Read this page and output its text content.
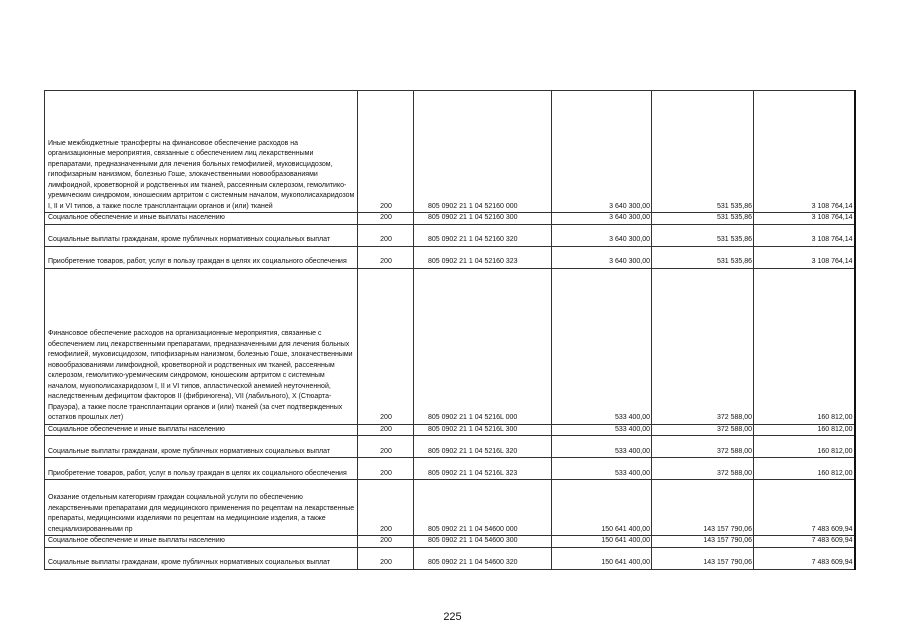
Иные межбюджетные трансферты на финансовое обеспечение расходов на организационные мероприятия, связанные с обеспечением лиц лекарственными препаратами, предназначенными для лечения больных гемофилией, муковисцидозом, гипофизарным нанизмом, болезнью Гоше, злокачественными новообразованиями лимфоидной, кроветворной и родственных им тканей, рассеянным склерозом, гемолитико-уремическим синдромом, юношеским артритом с системным началом, мукополисахаридозом I, II и VI типов, а также после трансплантации органов и (или) тканей	200	805 0902 21 1 04 52160 000	3 640 300,00	531 535,86	3 108 764,14
Социальное обеспечение и иные выплаты населению	200	805 0902 21 1 04 52160 300	3 640 300,00	531 535,86	3 108 764,14
Социальные выплаты гражданам, кроме публичных нормативных социальных выплат	200	805 0902 21 1 04 52160 320	3 640 300,00	531 535,86	3 108 764,14
Приобретение товаров, работ, услуг в пользу граждан в целях их социального обеспечения	200	805 0902 21 1 04 52160 323	3 640 300,00	531 535,86	3 108 764,14
Финансовое обеспечение расходов на организационные мероприятия, связанные с обеспечением лиц лекарственными препаратами, предназначенными для лечения больных гемофилией, муковисцидозом, гипофизарным нанизмом, болезнью Гоше, злокачественными новообразованиями лимфоидной, кроветворной и родственных им тканей, рассеянным склерозом, гемолитико-уремическим синдромом, юношеским артритом с системным началом, мукополисахаридозом I, II и VI типов, апластической анемией неуточненной, наследственным дефицитом факторов II (фибриногена), VII (лабильного), X (Стюарта-Прауэра), а также после трансплантации органов и (или) тканей (за счет подтвержденных остатков прошлых лет)	200	805 0902 21 1 04 5216L 000	533 400,00	372 588,00	160 812,00
Социальное обеспечение и иные выплаты населению	200	805 0902 21 1 04 5216L 300	533 400,00	372 588,00	160 812,00
Социальные выплаты гражданам, кроме публичных нормативных социальных выплат	200	805 0902 21 1 04 5216L 320	533 400,00	372 588,00	160 812,00
Приобретение товаров, работ, услуг в пользу граждан в целях их социального обеспечения	200	805 0902 21 1 04 5216L 323	533 400,00	372 588,00	160 812,00
Оказание отдельным категориям граждан социальной услуги по обеспечению лекарственными препаратами для медицинского применения по рецептам на лекарственные препараты, медицинскими изделиями по рецептам на медицинские изделия, а также специализированными пр	200	805 0902 21 1 04 54600 000	150 641 400,00	143 157 790,06	7 483 609,94
Социальное обеспечение и иные выплаты населению	200	805 0902 21 1 04 54600 300	150 641 400,00	143 157 790,06	7 483 609,94
Социальные выплаты гражданам, кроме публичных нормативных социальных выплат	200	805 0902 21 1 04 54600 320	150 641 400,00	143 157 790,06	7 483 609,94
225
